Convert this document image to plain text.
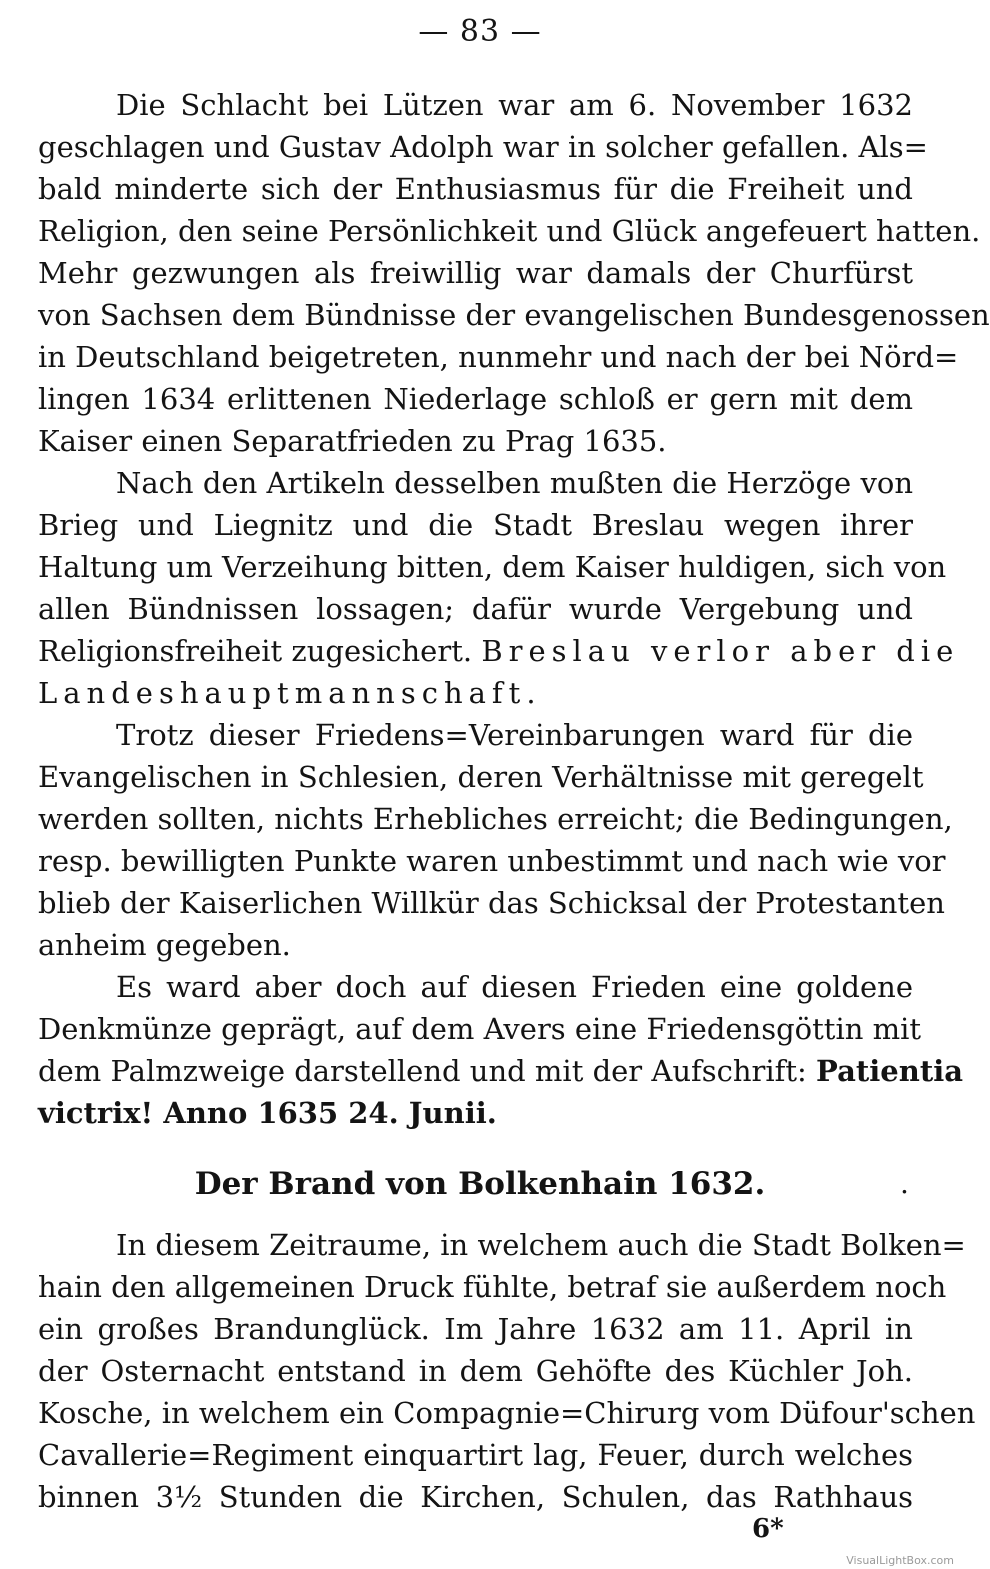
— 83 —
Die Schlacht bei Lützen war am 6. November 1632
geschlagen und Gustav Adolph war in solcher gefallen. Als=
bald minderte sich der Enthusiasmus für die Freiheit und
Religion, den seine Persönlichkeit und Glück angefeuert hatten.
Mehr gezwungen als freiwillig war damals der Churfürst
von Sachsen dem Bündnisse der evangelischen Bundesgenossen
in Deutschland beigetreten, nunmehr und nach der bei Nörd=
lingen 1634 erlittenen Niederlage schloß er gern mit dem
Kaiser einen Separatfrieden zu Prag 1635.
Nach den Artikeln desselben mußten die Herzöge von
Brieg und Liegnitz und die Stadt Breslau wegen ihrer
Haltung um Verzeihung bitten, dem Kaiser huldigen, sich von
allen Bündnissen lossagen; dafür wurde Vergebung und
Religionsfreiheit zugesichert. Breslau verlor aber die
Landeshauptmannschaft.
Trotz dieser Friedens=Vereinbarungen ward für die
Evangelischen in Schlesien, deren Verhältnisse mit geregelt
werden sollten, nichts Erhebliches erreicht; die Bedingungen,
resp. bewilligten Punkte waren unbestimmt und nach wie vor
blieb der Kaiserlichen Willkür das Schicksal der Protestanten
anheim gegeben.
Es ward aber doch auf diesen Frieden eine goldene
Denkmünze geprägt, auf dem Avers eine Friedensgöttin mit
dem Palmzweige darstellend und mit der Aufschrift: Patientia
victrix! Anno 1635 24. Junii.
Der Brand von Bolkenhain 1632.	.
In diesem Zeitraume, in welchem auch die Stadt Bolken=
hain den allgemeinen Druck fühlte, betraf sie außerdem noch
ein großes Brandunglück. Im Jahre 1632 am 11. April in
der Osternacht entstand in dem Gehöfte des Küchler Joh.
Kosche, in welchem ein Compagnie=Chirurg vom Düfour'schen
Cavallerie=Regiment einquartirt lag, Feuer, durch welches
binnen 3½ Stunden die Kirchen, Schulen, das Rathhaus
6*
VisualLightBox.com
